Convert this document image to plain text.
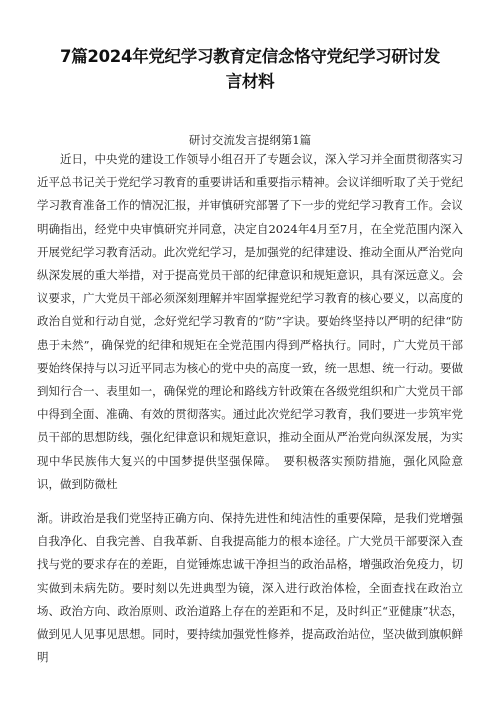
7篇2024年党纪学习教育定信念恪守党纪学习研讨发言材料
研讨交流发言提纲第1篇

近日，中央党的建设工作领导小组召开了专题会议，深入学习并全面贯彻落实习近平总书记关于党纪学习教育的重要讲话和重要指示精神。会议详细听取了关于党纪学习教育准备工作的情况汇报，并审慎研究部署了下一步的党纪学习教育工作。会议明确指出，经党中央审慎研究并同意，决定自2024年4月至7月，在全党范围内深入开展党纪学习教育活动。此次党纪学习，是加强党的纪律建设、推动全面从严治党向纵深发展的重大举措，对于提高党员干部的纪律意识和规矩意识，具有深远意义。会议要求，广大党员干部必须深刻理解并牢固掌握党纪学习教育的核心要义，以高度的政治自觉和行动自觉，念好党纪学习教育的“防”字诀。要始终坚持以严明的纪律“防患于未然”，确保党的纪律和规矩在全党范围内得到严格执行。同时，广大党员干部要始终保持与以习近平同志为核心的党中央的高度一致，统一思想、统一行动。要做到知行合一、表里如一，确保党的理论和路线方针政策在各级党组织和广大党员干部中得到全面、准确、有效的贯彻落实。通过此次党纪学习教育，我们要进一步筑牢党员干部的思想防线，强化纪律意识和规矩意识，推动全面从严治党向纵深发展，为实现中华民族伟大复兴的中国梦提供坚强保障。　要积极落实预防措施，强化风险意识，做到防微杜

渐。讲政治是我们党坚持正确方向、保持先进性和纯洁性的重要保障，是我们党增强自我净化、自我完善、自我革新、自我提高能力的根本途径。广大党员干部要深入查找与党的要求存在的差距，自觉锤炼忠诚干净担当的政治品格，增强政治免疫力，切实做到未病先防。要时刻以先进典型为镜，深入进行政治体检，全面查找在政治立场、政治方向、政治原则、政治道路上存在的差距和不足，及时纠正“亚健康”状态，做到见人见事见思想。同时，要持续加强党性修养，提高政治站位，坚决做到旗帜鲜明
